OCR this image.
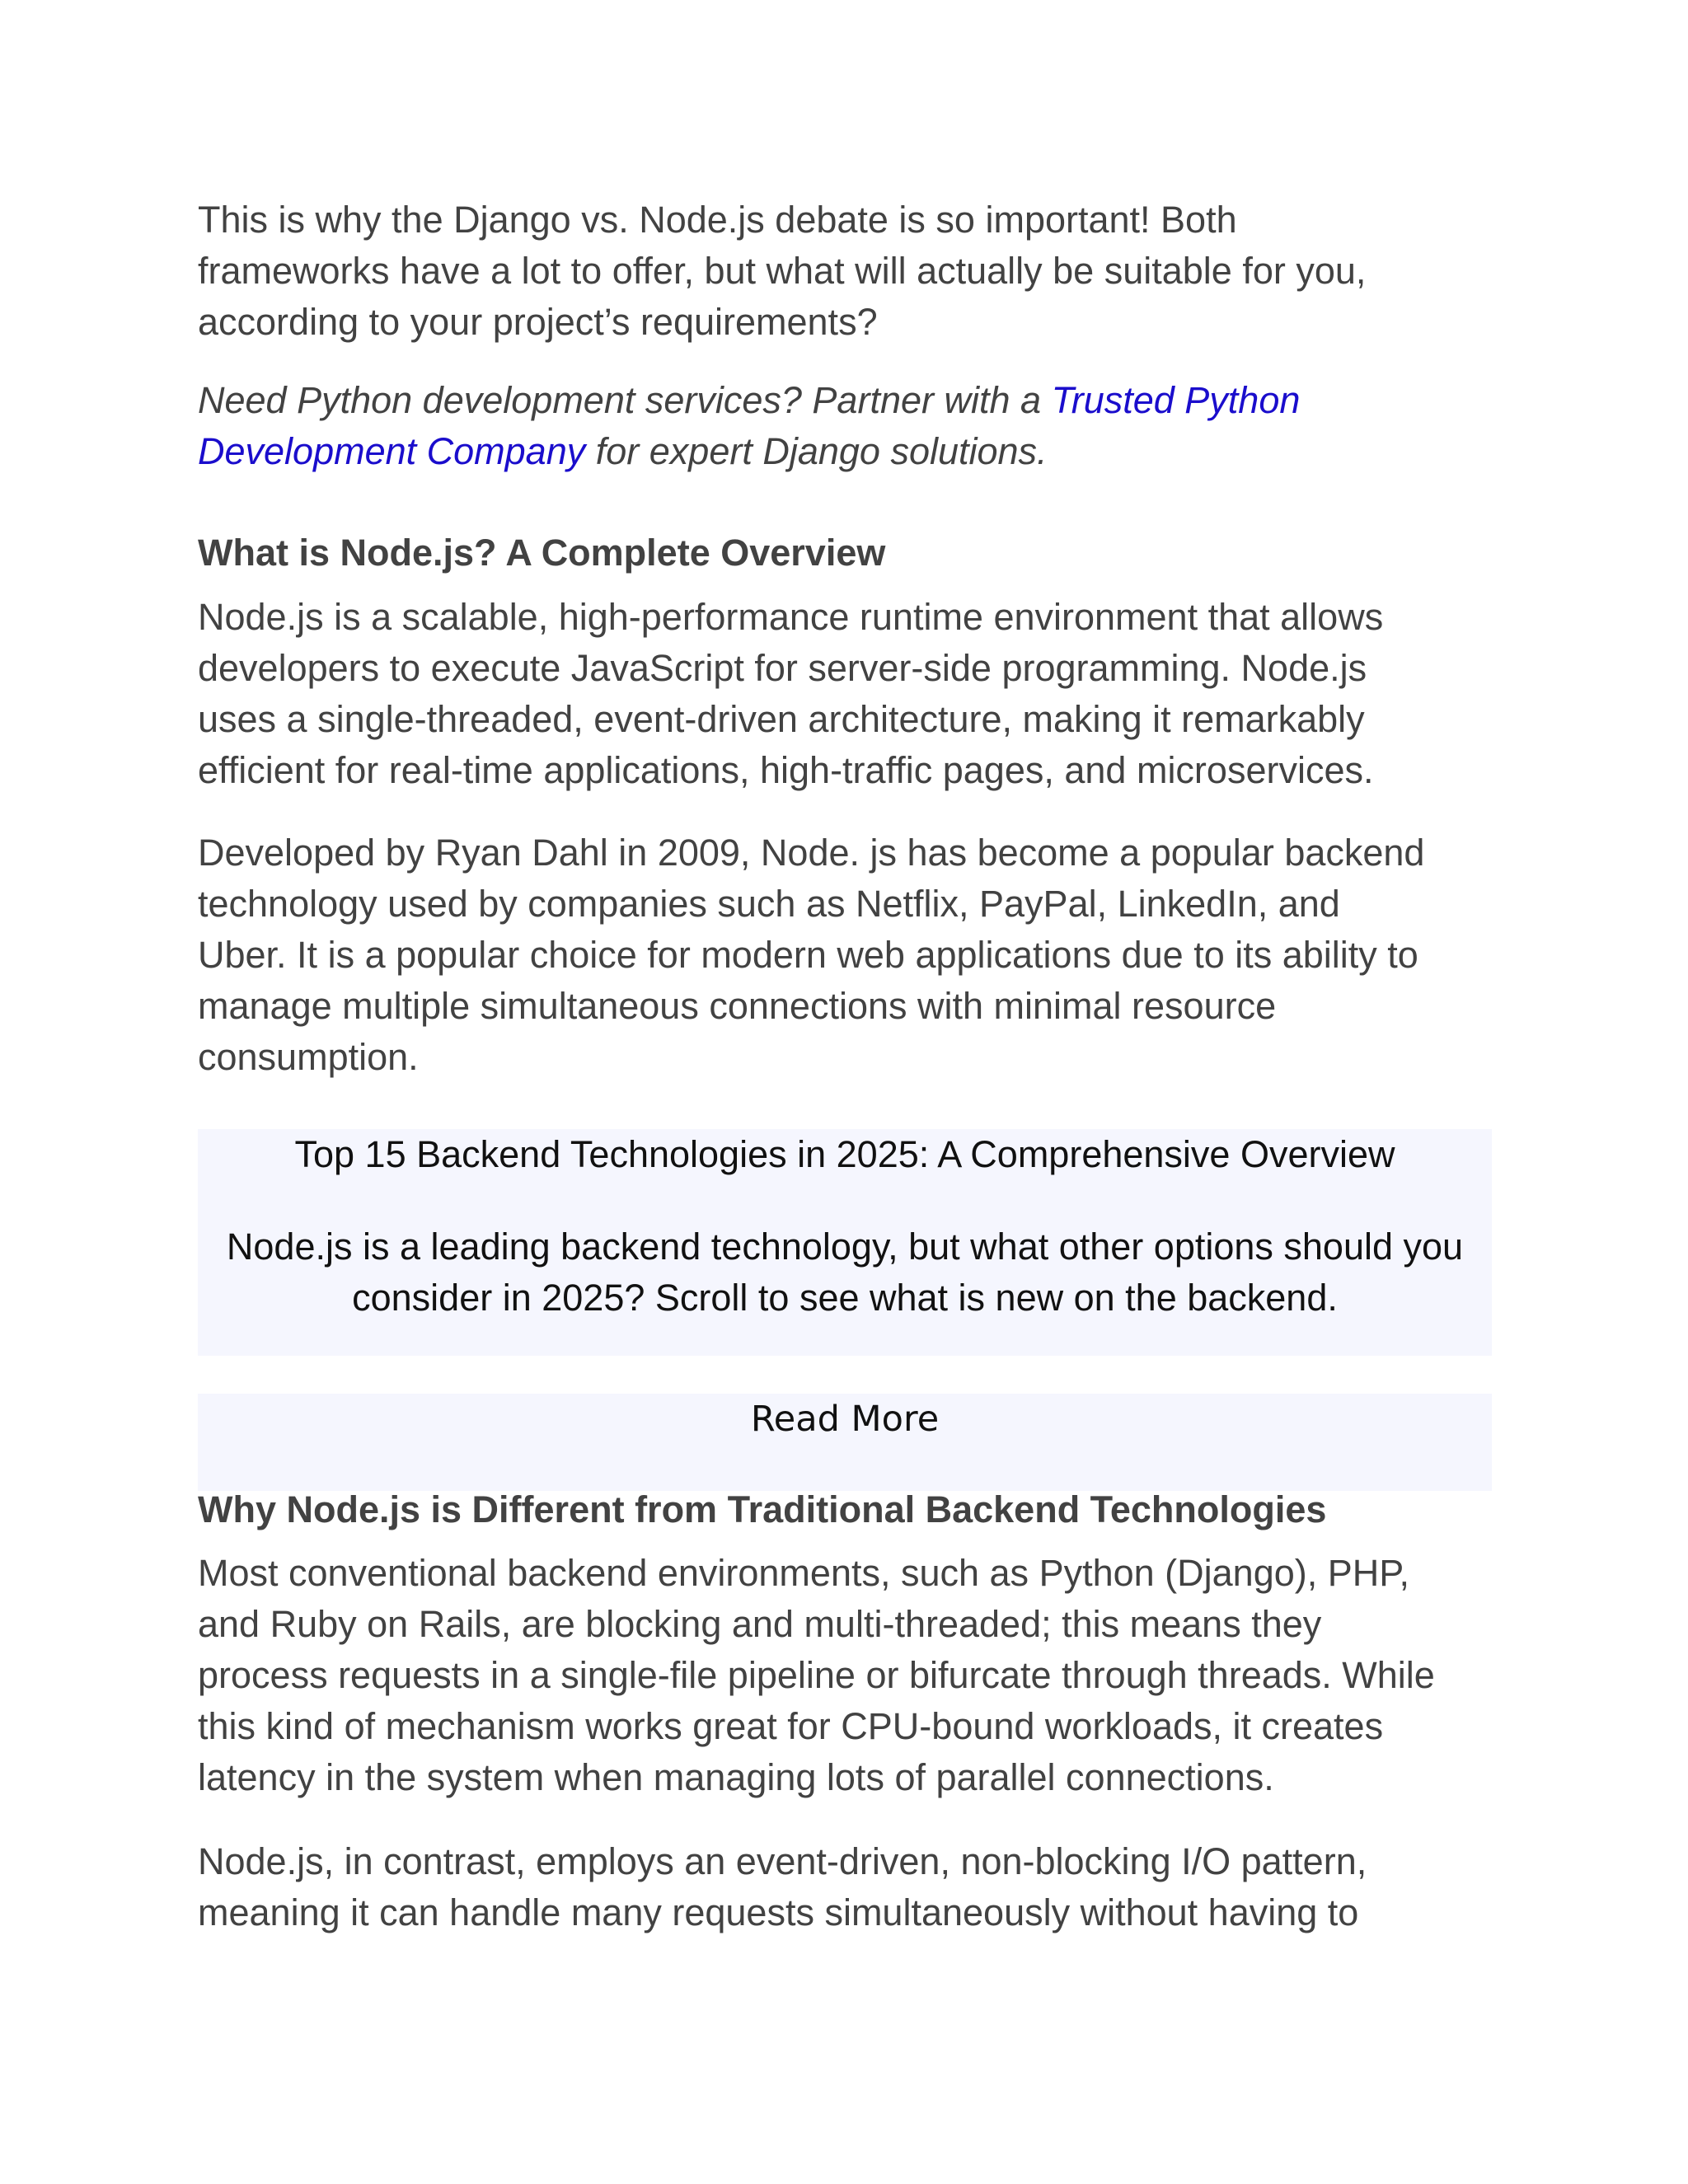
This is why the Django vs. Node.js debate is so important! Both
frameworks have a lot to offer, but what will actually be suitable for you,
according to your project’s requirements?

Need Python development services? Partner with a Trusted Python
Development Company for expert Django solutions.

What is Node.js? A Complete Overview

Node.js is a scalable, high-performance runtime environment that allows
developers to execute JavaScript for server-side programming. Node.js
uses a single-threaded, event-driven architecture, making it remarkably
efficient for real-time applications, high-traffic pages, and microservices.

Developed by Ryan Dahl in 2009, Node. js has become a popular backend
technology used by companies such as Netflix, PayPal, LinkedIn, and
Uber. It is a popular choice for modern web applications due to its ability to
manage multiple simultaneous connections with minimal resource
consumption.

Top 15 Backend Technologies in 2025: A Comprehensive Overview
Node.js is a leading backend technology, but what other options should you
consider in 2025? Scroll to see what is new on the backend.
Read More
Why Node.js is Different from Traditional Backend Technologies

Most conventional backend environments, such as Python (Django), PHP,
and Ruby on Rails, are blocking and multi-threaded; this means they
process requests in a single-file pipeline or bifurcate through threads. While
this kind of mechanism works great for CPU-bound workloads, it creates
latency in the system when managing lots of parallel connections.

Node.js, in contrast, employs an event-driven, non-blocking I/O pattern,
meaning it can handle many requests simultaneously without having to
